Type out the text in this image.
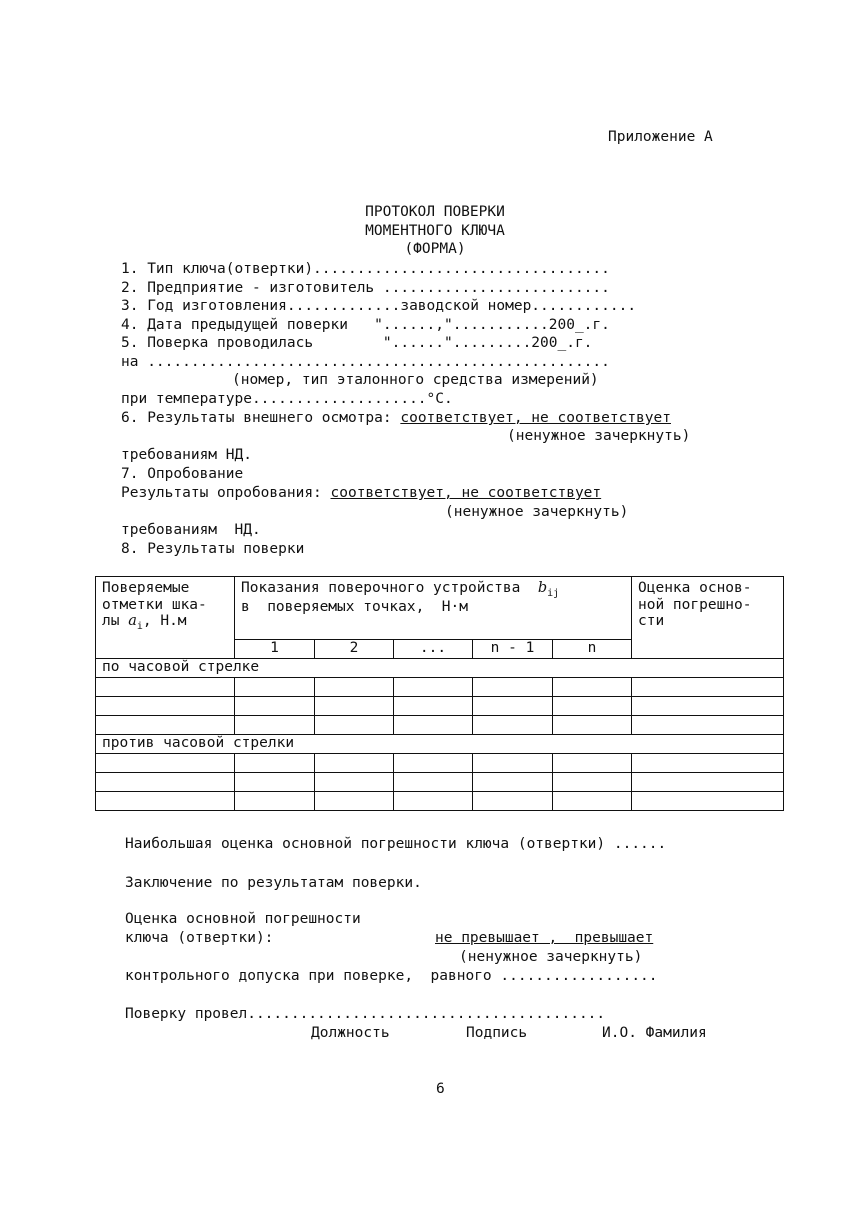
Приложение А
ПРОТОКОЛ ПОВЕРКИ
МОМЕНТНОГО КЛЮЧА
(ФОРМА)
1. Тип ключа(отвертки)..................................
2. Предприятие - изготовитель ..........................
3. Год изготовления.............заводской номер............
4. Дата предыдущей поверки   "......,"...........200_.г.
5. Поверка проводилась        "......".........200_.г.
на .....................................................
(номер, тип эталонного средства измерений)
при температуре....................°С.
6. Результаты внешнего осмотра: соответствует, не соответствует
(ненужное зачеркнуть)
требованиям НД.
7. Опробование
Результаты опробования: соответствует, не соответствует
(ненужное зачеркнуть)
требованиям  НД.
8. Результаты поверки
Поверяемые
отметки шка-
лы $a_i$, Н.м	Показания поверочного устройства  $b_{ij}$
в  поверяемых точках,  Н·м					Оценка основ-
ной погрешно-
сти
	1	2	...	n - 1	n	
по часовой стрелке						

против часовой стрелки						

Наибольшая оценка основной погрешности ключа (отвертки) ......
Заключение по результатам поверки.
Оценка основной погрешности
ключа (отвертки):	не превышает ,  превышает
(ненужное зачеркнуть)
контрольного допуска при поверке,  равного ..................
Поверку провел.........................................
Должность	Подпись	И.О. Фамилия
6
